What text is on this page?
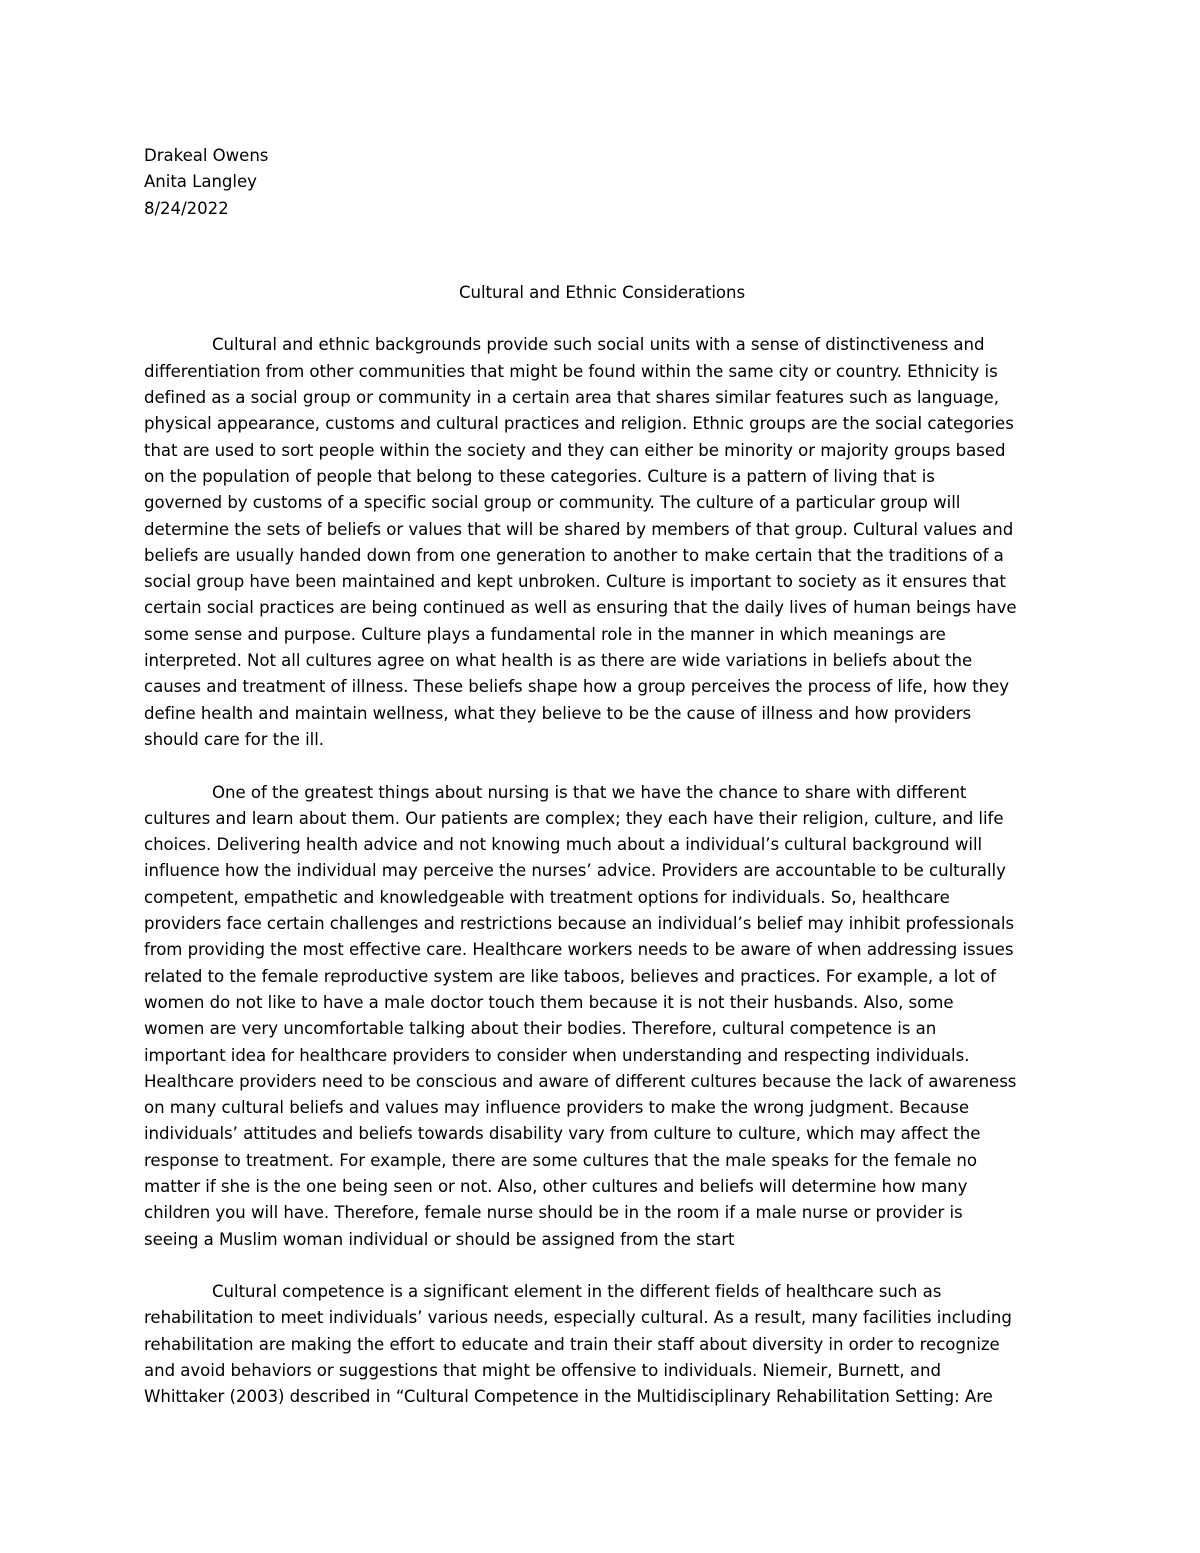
Drakeal Owens
Anita Langley
8/24/2022
Cultural and Ethnic Considerations

Cultural and ethnic backgrounds provide such social units with a sense of distinctiveness and
differentiation from other communities that might be found within the same city or country. Ethnicity is
defined as a social group or community in a certain area that shares similar features such as language,
physical appearance, customs and cultural practices and religion. Ethnic groups are the social categories
that are used to sort people within the society and they can either be minority or majority groups based
on the population of people that belong to these categories. Culture is a pattern of living that is
governed by customs of a specific social group or community. The culture of a particular group will
determine the sets of beliefs or values that will be shared by members of that group. Cultural values and
beliefs are usually handed down from one generation to another to make certain that the traditions of a
social group have been maintained and kept unbroken. Culture is important to society as it ensures that
certain social practices are being continued as well as ensuring that the daily lives of human beings have
some sense and purpose. Culture plays a fundamental role in the manner in which meanings are
interpreted. Not all cultures agree on what health is as there are wide variations in beliefs about the
causes and treatment of illness. These beliefs shape how a group perceives the process of life, how they
define health and maintain wellness, what they believe to be the cause of illness and how providers
should care for the ill.

One of the greatest things about nursing is that we have the chance to share with different
cultures and learn about them. Our patients are complex; they each have their religion, culture, and life
choices. Delivering health advice and not knowing much about a individual’s cultural background will
influence how the individual may perceive the nurses’ advice. Providers are accountable to be culturally
competent, empathetic and knowledgeable with treatment options for individuals. So, healthcare
providers face certain challenges and restrictions because an individual’s belief may inhibit professionals
from providing the most effective care. Healthcare workers needs to be aware of when addressing issues
related to the female reproductive system are like taboos, believes and practices. For example, a lot of
women do not like to have a male doctor touch them because it is not their husbands. Also, some
women are very uncomfortable talking about their bodies. Therefore, cultural competence is an
important idea for healthcare providers to consider when understanding and respecting individuals.
Healthcare providers need to be conscious and aware of different cultures because the lack of awareness
on many cultural beliefs and values may influence providers to make the wrong judgment. Because
individuals’ attitudes and beliefs towards disability vary from culture to culture, which may affect the
response to treatment. For example, there are some cultures that the male speaks for the female no
matter if she is the one being seen or not. Also, other cultures and beliefs will determine how many
children you will have. Therefore, female nurse should be in the room if a male nurse or provider is
seeing a Muslim woman individual or should be assigned from the start

Cultural competence is a significant element in the different fields of healthcare such as
rehabilitation to meet individuals’ various needs, especially cultural. As a result, many facilities including
rehabilitation are making the effort to educate and train their staff about diversity in order to recognize
and avoid behaviors or suggestions that might be offensive to individuals. Niemeir, Burnett, and
Whittaker (2003) described in “Cultural Competence in the Multidisciplinary Rehabilitation Setting: Are
